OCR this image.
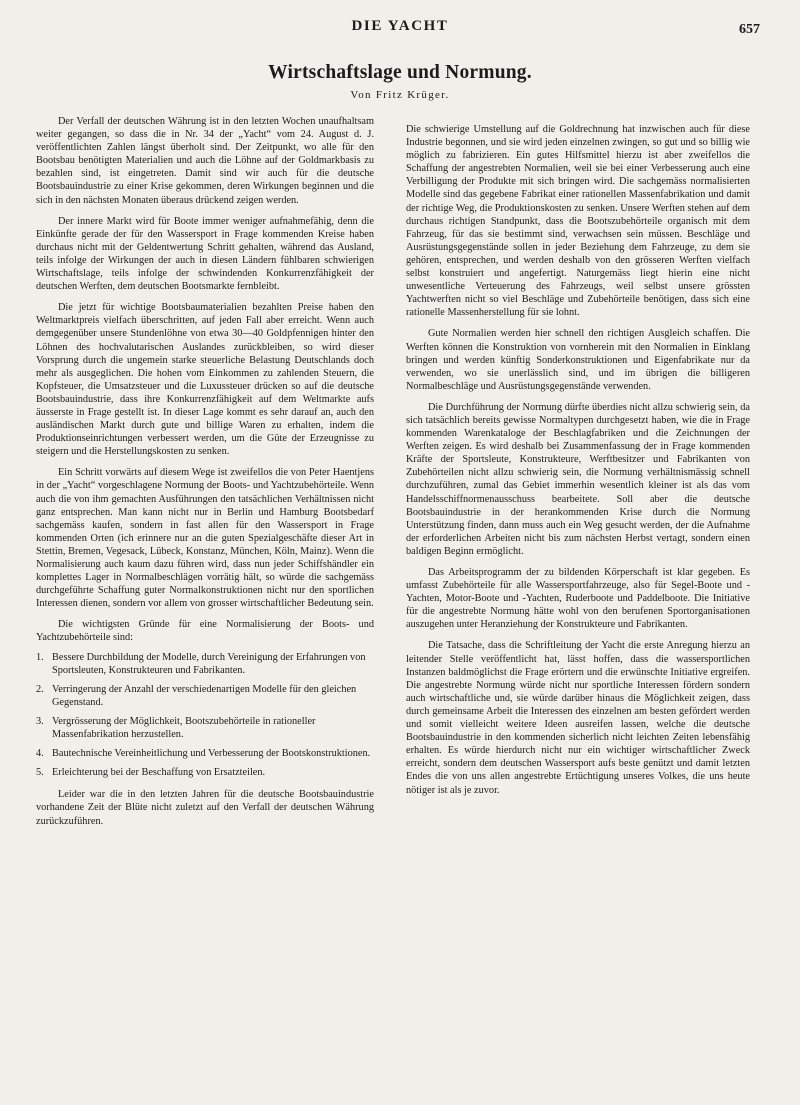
DIE YACHT	657
Wirtschaftslage und Normung.
Von Fritz Krüger.

Der Verfall der deutschen Währung ist in den letzten Wochen unaufhaltsam weiter gegangen, so dass die in Nr. 34 der „Yacht“ vom 24. August d. J. veröffentlichten Zahlen längst überholt sind. Der Zeitpunkt, wo alle für den Bootsbau benötigten Materialien und auch die Löhne auf der Goldmarkbasis zu bezahlen sind, ist eingetreten. Damit sind wir auch für die deutsche Bootsbauindustrie zu einer Krise gekommen, deren Wirkungen beginnen und die sich in den nächsten Monaten überaus drückend zeigen werden.

Der innere Markt wird für Boote immer weniger aufnahmefähig, denn die Einkünfte gerade der für den Wassersport in Frage kommenden Kreise haben durchaus nicht mit der Geldentwertung Schritt gehalten, während das Ausland, teils infolge der Wirkungen der auch in diesen Ländern fühlbaren schwierigen Wirtschaftslage, teils infolge der schwindenden Konkurrenzfähigkeit der deutschen Werften, dem deutschen Bootsmarkte fernbleibt.

Die jetzt für wichtige Bootsbaumaterialien bezahlten Preise haben den Weltmarktpreis vielfach überschritten, auf jeden Fall aber erreicht. Wenn auch demgegenüber unsere Stundenlöhne von etwa 30—40 Goldpfennigen hinter den Löhnen des hochvalutarischen Auslandes zurückbleiben, so wird dieser Vorsprung durch die ungemein starke steuerliche Belastung Deutschlands doch mehr als ausgeglichen. Die hohen vom Einkommen zu zahlenden Steuern, die Kopfsteuer, die Umsatzsteuer und die Luxussteuer drücken so auf die deutsche Bootsbauindustrie, dass ihre Konkurrenzfähigkeit auf dem Weltmarkte aufs äusserste in Frage gestellt ist. In dieser Lage kommt es sehr darauf an, auch den ausländischen Markt durch gute und billige Waren zu erhalten, indem die Produktionseinrichtungen verbessert werden, um die Güte der Erzeugnisse zu steigern und die Herstellungskosten zu senken.

Ein Schritt vorwärts auf diesem Wege ist zweifellos die von Peter Haentjens in der „Yacht“ vorgeschlagene Normung der Boots- und Yachtzubehörteile. Wenn auch die von ihm gemachten Ausführungen den tatsächlichen Verhältnissen nicht ganz entsprechen. Man kann nicht nur in Berlin und Hamburg Bootsbedarf sachgemäss kaufen, sondern in fast allen für den Wassersport in Frage kommenden Orten (ich erinnere nur an die guten Spezialgeschäfte dieser Art in Stettin, Bremen, Vegesack, Lübeck, Konstanz, München, Köln, Mainz). Wenn die Normalisierung auch kaum dazu führen wird, dass nun jeder Schiffshändler ein komplettes Lager in Normalbeschlägen vorrätig hält, so würde die sachgemäss durchgeführte Schaffung guter Normalkonstruktionen nicht nur den sportlichen Interessen dienen, sondern vor allem von grosser wirtschaftlicher Bedeutung sein.

Die wichtigsten Gründe für eine Normalisierung der Boots- und Yachtzubehörteile sind:

1. Bessere Durchbildung der Modelle, durch Vereinigung der Erfahrungen von Sportsleuten, Konstrukteuren und Fabrikanten.
2. Verringerung der Anzahl der verschiedenartigen Modelle für den gleichen Gegenstand.
3. Vergrösserung der Möglichkeit, Bootszubehörteile in rationeller Massenfabrikation herzustellen.
4. Bautechnische Vereinheitlichung und Verbesserung der Bootskonstruktionen.
5. Erleichterung bei der Beschaffung von Ersatzteilen.

Leider war die in den letzten Jahren für die deutsche Bootsbauindustrie vorhandene Zeit der Blüte nicht zuletzt auf den Verfall der deutschen Währung zurückzuführen.

Die schwierige Umstellung auf die Goldrechnung hat inzwischen auch für diese Industrie begonnen, und sie wird jeden einzelnen zwingen, so gut und so billig wie möglich zu fabrizieren. Ein gutes Hilfsmittel hierzu ist aber zweifellos die Schaffung der angestrebten Normalien, weil sie bei einer Verbesserung auch eine Verbilligung der Produkte mit sich bringen wird. Die sachgemäss normalisierten Modelle sind das gegebene Fabrikat einer rationellen Massenfabrikation und damit der richtige Weg, die Produktionskosten zu senken. Unsere Werften stehen auf dem durchaus richtigen Standpunkt, dass die Bootszubehörteile organisch mit dem Fahrzeug, für das sie bestimmt sind, verwachsen sein müssen. Beschläge und Ausrüstungsgegenstände sollen in jeder Beziehung dem Fahrzeuge, zu dem sie gehören, entsprechen, und werden deshalb von den grösseren Werften vielfach selbst konstruiert und angefertigt. Naturgemäss liegt hierin eine nicht unwesentliche Verteuerung des Fahrzeugs, weil selbst unsere grössten Yachtwerften nicht so viel Beschläge und Zubehörteile benötigen, dass sich eine rationelle Massenherstellung für sie lohnt.

Gute Normalien werden hier schnell den richtigen Ausgleich schaffen. Die Werften können die Konstruktion von vornherein mit den Normalien in Einklang bringen und werden künftig Sonderkonstruktionen und Eigenfabrikate nur da verwenden, wo sie unerlässlich sind, und im übrigen die billigeren Normalbeschläge und Ausrüstungsgegenstände verwenden.

Die Durchführung der Normung dürfte überdies nicht allzu schwierig sein, da sich tatsächlich bereits gewisse Normaltypen durchgesetzt haben, wie die in Frage kommenden Warenkataloge der Beschlagfabriken und die Zeichnungen der Werften zeigen. Es wird deshalb bei Zusammenfassung der in Frage kommenden Kräfte der Sportsleute, Konstrukteure, Werftbesitzer und Fabrikanten von Zubehörteilen nicht allzu schwierig sein, die Normung verhältnismässig schnell durchzuführen, zumal das Gebiet immerhin wesentlich kleiner ist als das vom Handelsschiffnormenausschuss bearbeitete. Soll aber die deutsche Bootsbauindustrie in der herankommenden Krise durch die Normung Unterstützung finden, dann muss auch ein Weg gesucht werden, der die Aufnahme der erforderlichen Arbeiten nicht bis zum nächsten Herbst vertagt, sondern einen baldigen Beginn ermöglicht.

Das Arbeitsprogramm der zu bildenden Körperschaft ist klar gegeben. Es umfasst Zubehörteile für alle Wassersportfahrzeuge, also für Segel-Boote und -Yachten, Motor-Boote und -Yachten, Ruderboote und Paddelboote. Die Initiative für die angestrebte Normung hätte wohl von den berufenen Sportorganisationen auszugehen unter Heranziehung der Konstrukteure und Fabrikanten.

Die Tatsache, dass die Schriftleitung der Yacht die erste Anregung hierzu an leitender Stelle veröffentlicht hat, lässt hoffen, dass die wassersportlichen Instanzen baldmöglichst die Frage erörtern und die erwünschte Initiative ergreifen. Die angestrebte Normung würde nicht nur sportliche Interessen fördern sondern auch wirtschaftliche und, sie würde darüber hinaus die Möglichkeit zeigen, dass durch gemeinsame Arbeit die Interessen des einzelnen am besten gefördert werden und somit vielleicht weitere Ideen ausreifen lassen, welche die deutsche Bootsbauindustrie in den kommenden sicherlich nicht leichten Zeiten lebensfähig erhalten. Es würde hierdurch nicht nur ein wichtiger wirtschaftlicher Zweck erreicht, sondern dem deutschen Wassersport aufs beste genützt und damit letzten Endes die von uns allen angestrebte Ertüchtigung unseres Volkes, die uns heute nötiger ist als je zuvor.
